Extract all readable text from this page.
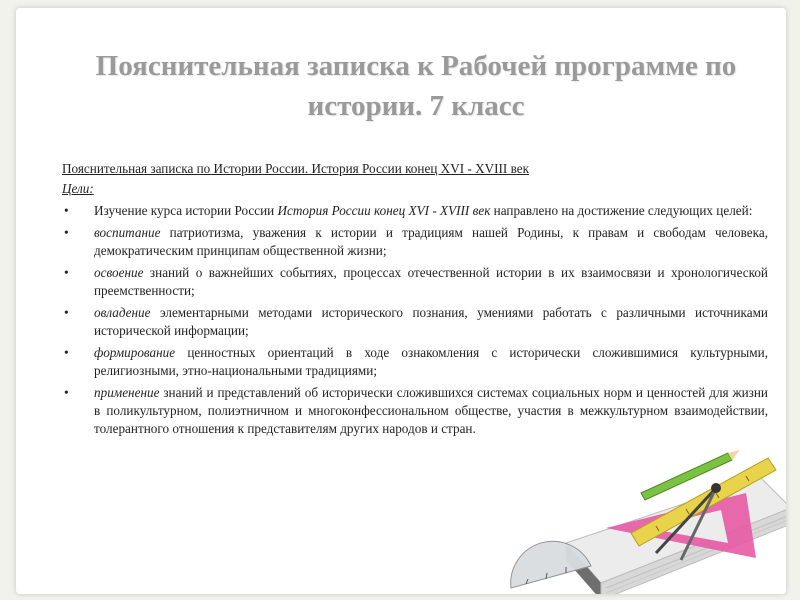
Пояснительная записка к Рабочей программе по
истории. 7 класс
Пояснительная записка по Истории России. История России конец XVI - XVIII век
Цели:
• Изучение курса истории России История России конец XVI - XVIII век направлено на достижение следующих целей:
• воспитание патриотизма, уважения к истории и традициям нашей Родины, к правам и свободам человека, демократическим принципам общественной жизни;
• освоение знаний о важнейших событиях, процессах отечественной истории в их взаимосвязи и хронологической преемственности;
• овладение элементарными методами исторического познания, умениями работать с различными источниками исторической информации;
• формирование ценностных ориентаций в ходе ознакомления с исторически сложившимися культурными, религиозными, этно-национальными традициями;
• применение знаний и представлений об исторически сложившихся системах социальных норм и ценностей для жизни в поликультурном, полиэтничном и многоконфессиональном обществе, участия в межкультурном взаимодействии, толерантного отношения к представителям других народов и стран.
